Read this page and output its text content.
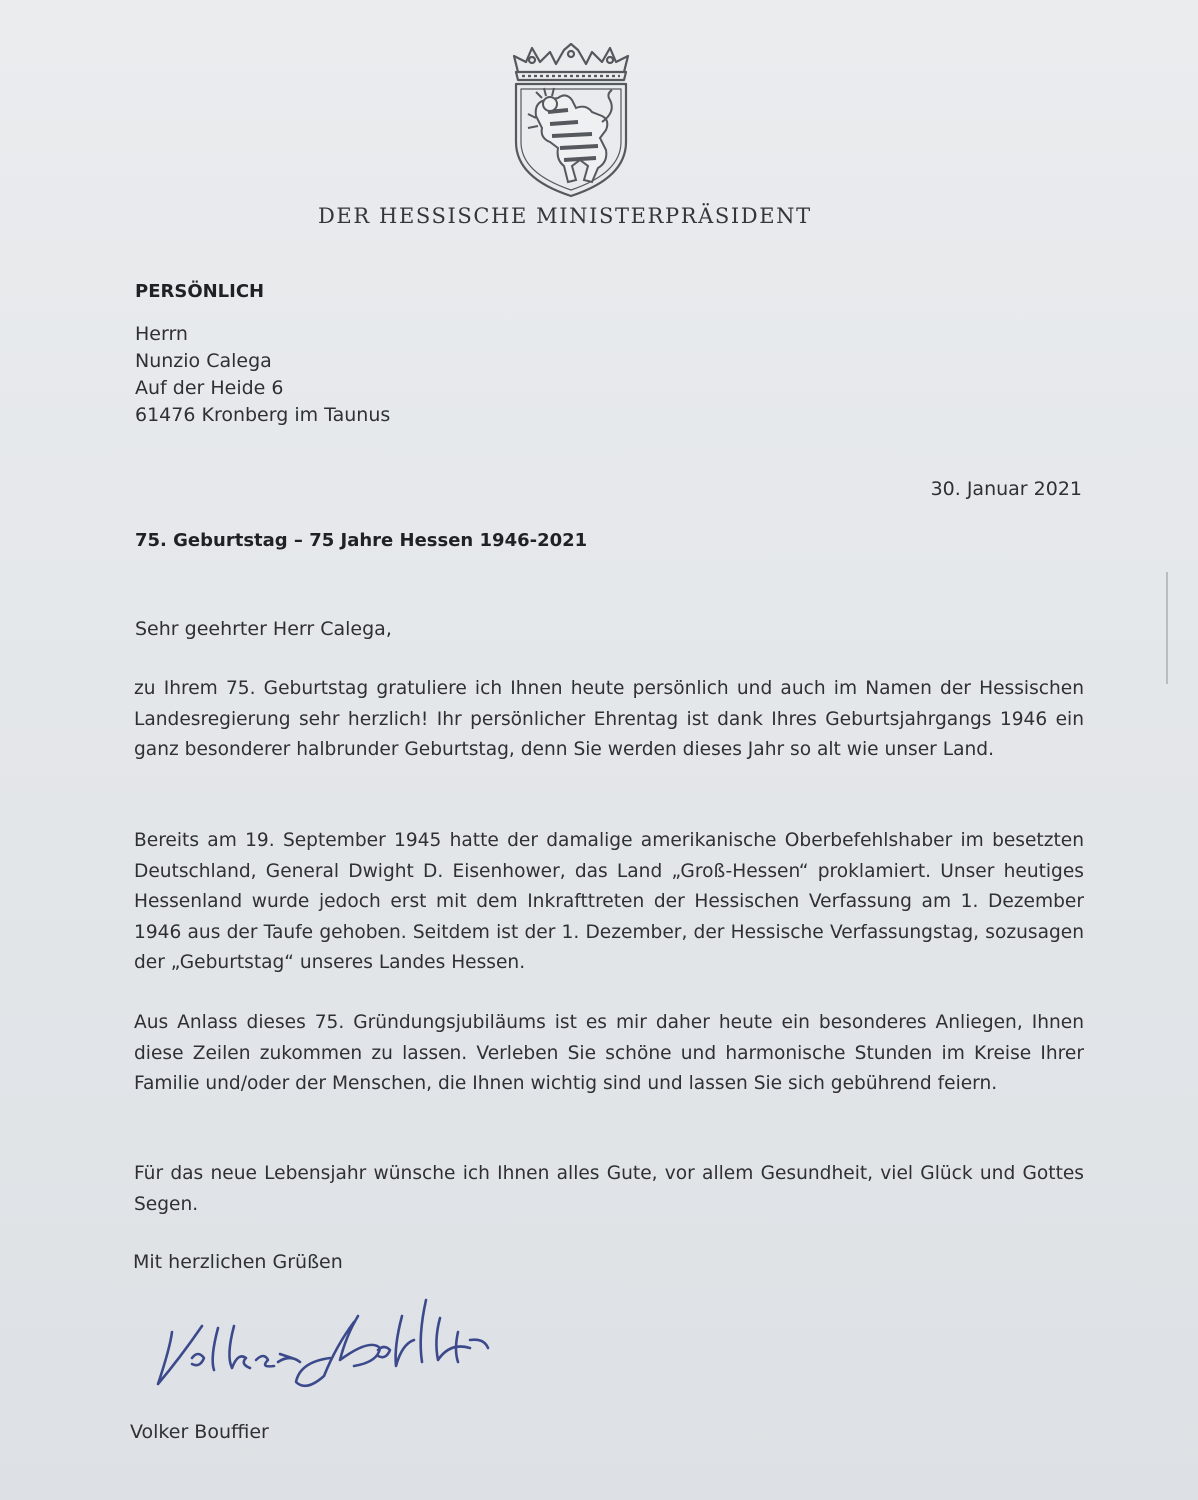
DER HESSISCHE MINISTERPRÄSIDENT
PERSÖNLICH
Herrn
Nunzio Calega
Auf der Heide 6
61476 Kronberg im Taunus
30. Januar 2021
75. Geburtstag – 75 Jahre Hessen 1946-2021
Sehr geehrter Herr Calega,
zu Ihrem 75. Geburtstag gratuliere ich Ihnen heute persönlich und auch im Namen der Hessischen Landesregierung sehr herzlich! Ihr persönlicher Ehrentag ist dank Ihres Geburtsjahrgangs 1946 ein ganz besonderer halbrunder Geburtstag, denn Sie werden dieses Jahr so alt wie unser Land.
Bereits am 19. September 1945 hatte der damalige amerikanische Oberbefehlshaber im besetzten Deutschland, General Dwight D. Eisenhower, das Land „Groß-Hessen“ proklamiert. Unser heutiges Hessenland wurde jedoch erst mit dem Inkrafttreten der Hessischen Verfassung am 1. Dezember 1946 aus der Taufe gehoben. Seitdem ist der 1. Dezember, der Hessische Verfassungstag, sozusagen der „Geburtstag“ unseres Landes Hessen.
Aus Anlass dieses 75. Gründungsjubiläums ist es mir daher heute ein besonderes Anliegen, Ihnen diese Zeilen zukommen zu lassen. Verleben Sie schöne und harmonische Stunden im Kreise Ihrer Familie und/oder der Menschen, die Ihnen wichtig sind und lassen Sie sich gebührend feiern.
Für das neue Lebensjahr wünsche ich Ihnen alles Gute, vor allem Gesundheit, viel Glück und Gottes Segen.
Mit herzlichen Grüßen
Volker Bouffier
